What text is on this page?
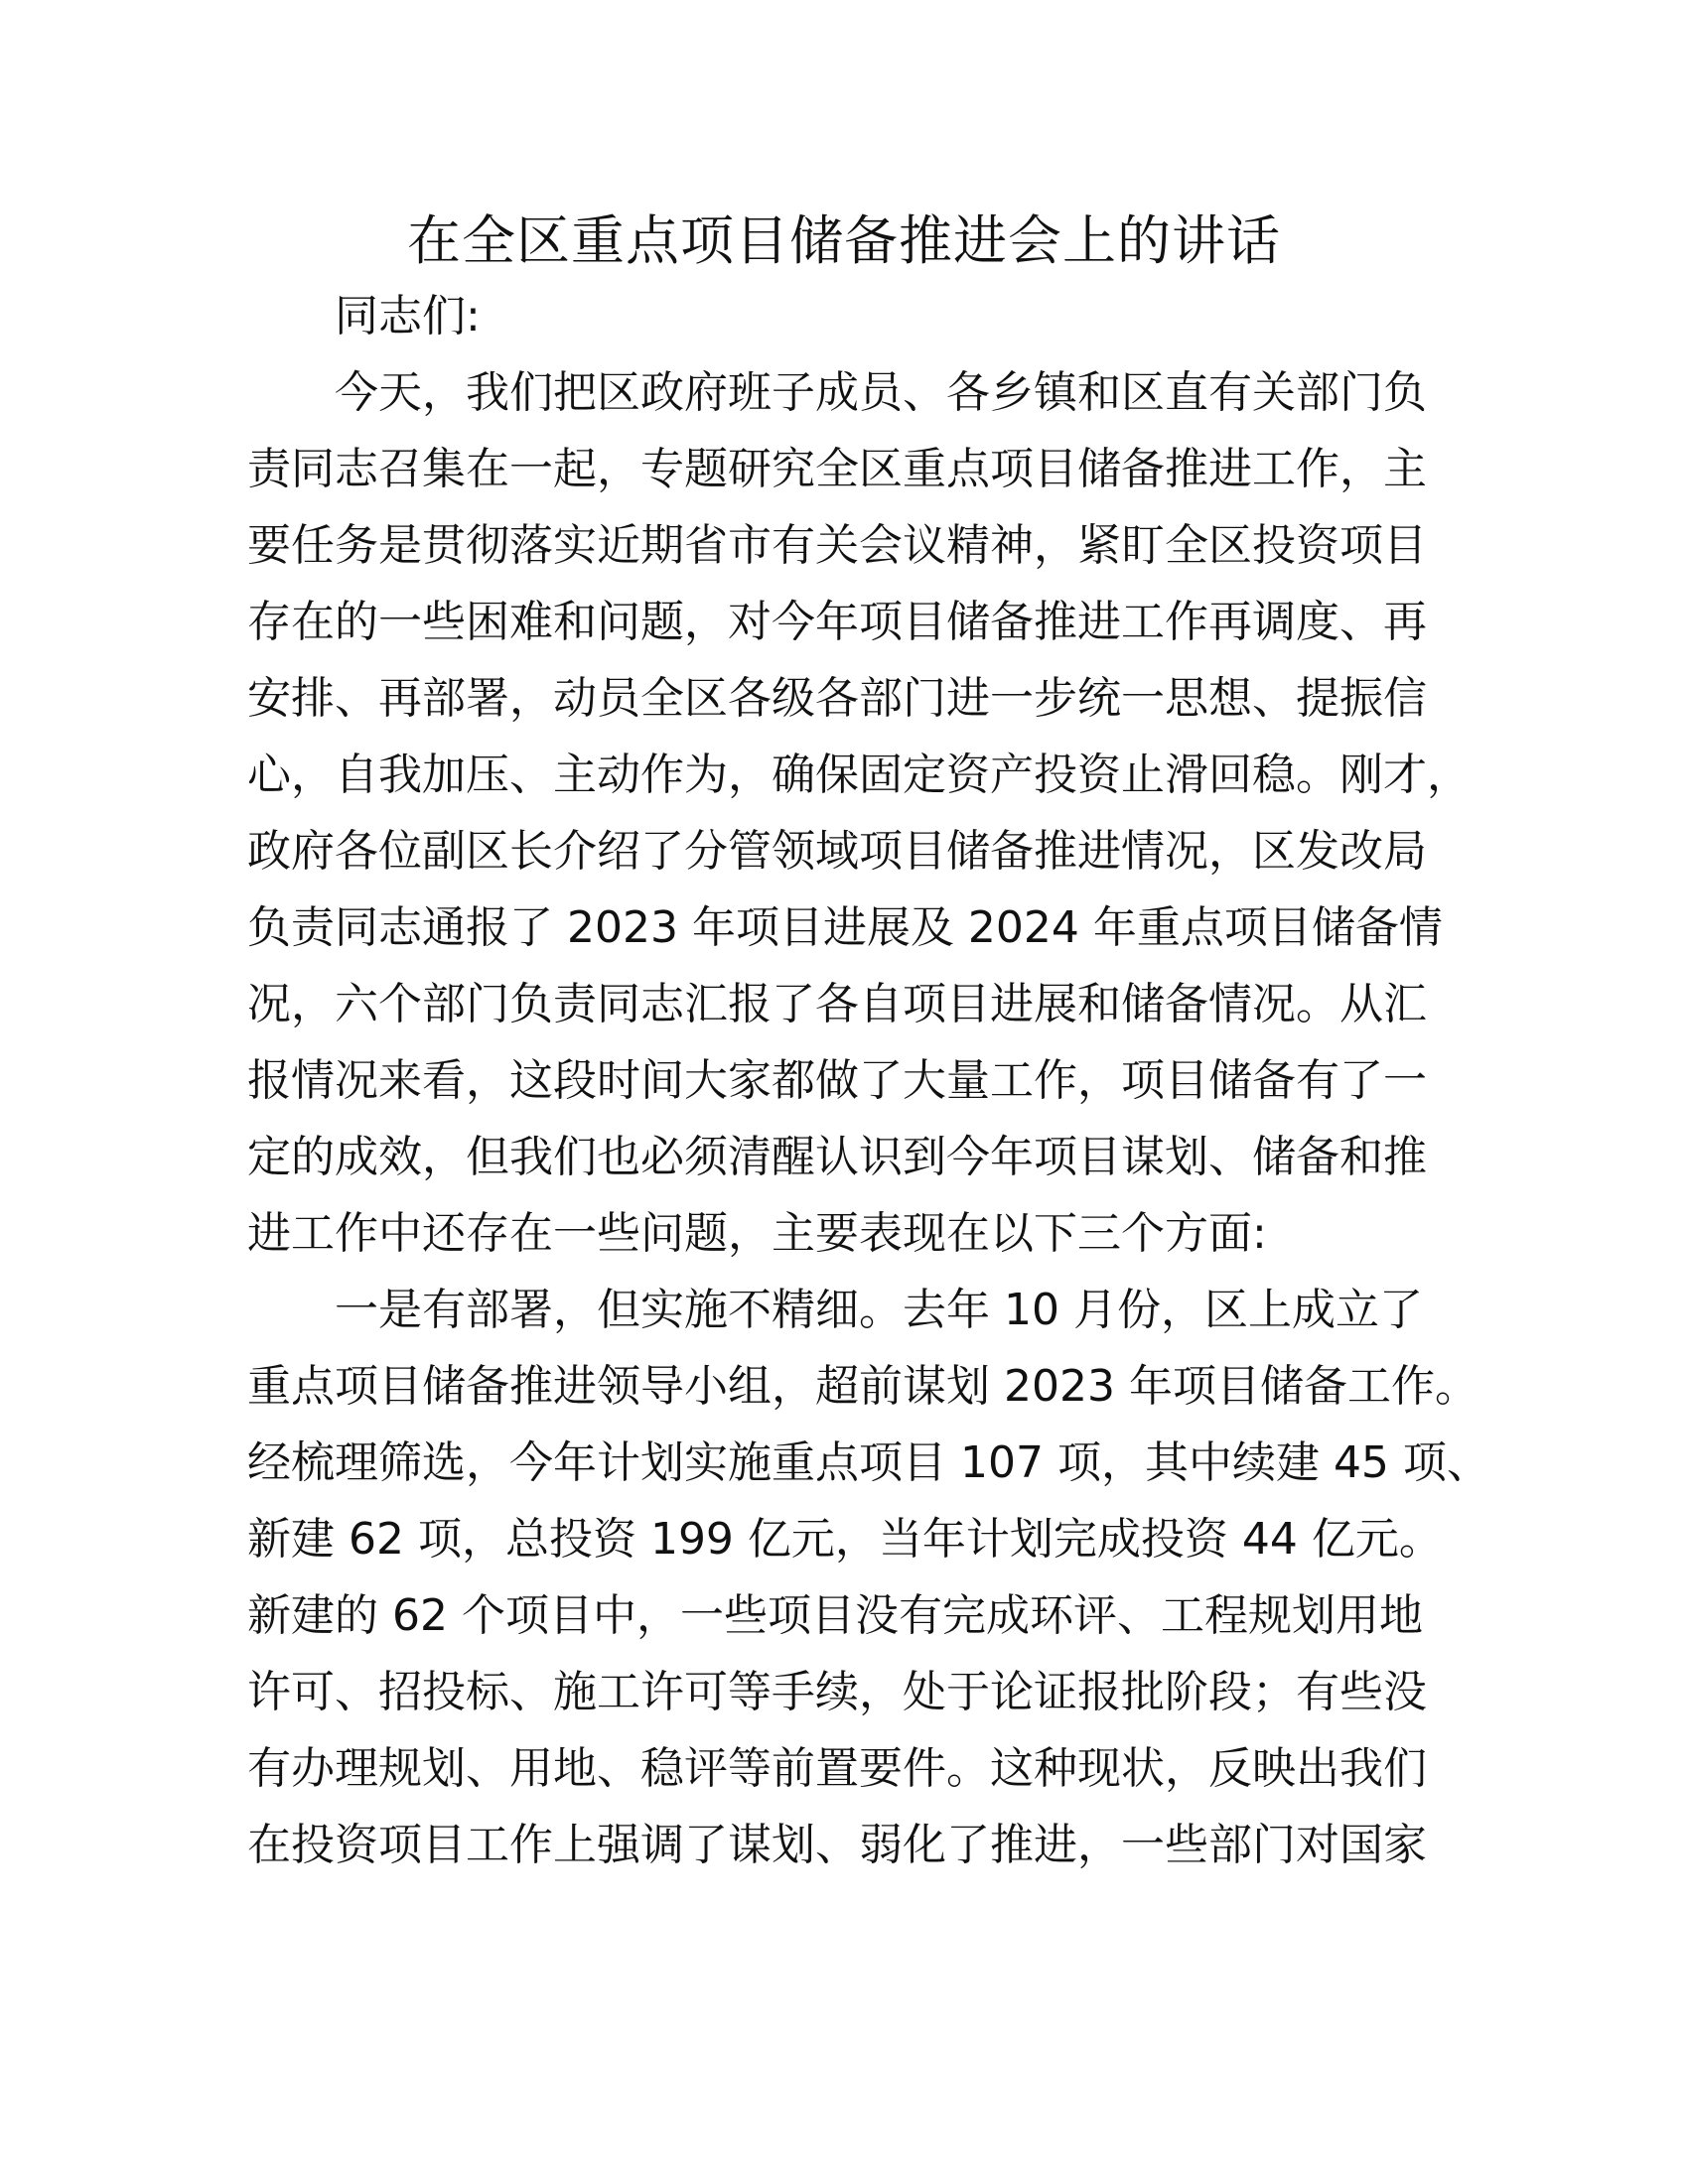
在全区重点项目储备推进会上的讲话

同志们:

今天，我们把区政府班子成员、各乡镇和区直有关部门负

责同志召集在一起，专题研究全区重点项目储备推进工作，主

要任务是贯彻落实近期省市有关会议精神，紧盯全区投资项目

存在的一些困难和问题，对今年项目储备推进工作再调度、再

安排、再部署，动员全区各级各部门进一步统一思想、提振信

心，自我加压、主动作为，确保固定资产投资止滑回稳。刚才，

政府各位副区长介绍了分管领域项目储备推进情况，区发改局

负责同志通报了 2023 年项目进展及 2024 年重点项目储备情

况，六个部门负责同志汇报了各自项目进展和储备情况。从汇

报情况来看，这段时间大家都做了大量工作，项目储备有了一

定的成效，但我们也必须清醒认识到今年项目谋划、储备和推

进工作中还存在一些问题，主要表现在以下三个方面:

一是有部署，但实施不精细。去年 10 月份，区上成立了

重点项目储备推进领导小组，超前谋划 2023 年项目储备工作。

经梳理筛选，今年计划实施重点项目 107 项，其中续建 45 项、

新建 62 项，总投资 199 亿元，当年计划完成投资 44 亿元。

新建的 62 个项目中，一些项目没有完成环评、工程规划用地

许可、招投标、施工许可等手续，处于论证报批阶段；有些没

有办理规划、用地、稳评等前置要件。这种现状，反映出我们

在投资项目工作上强调了谋划、弱化了推进，一些部门对国家
